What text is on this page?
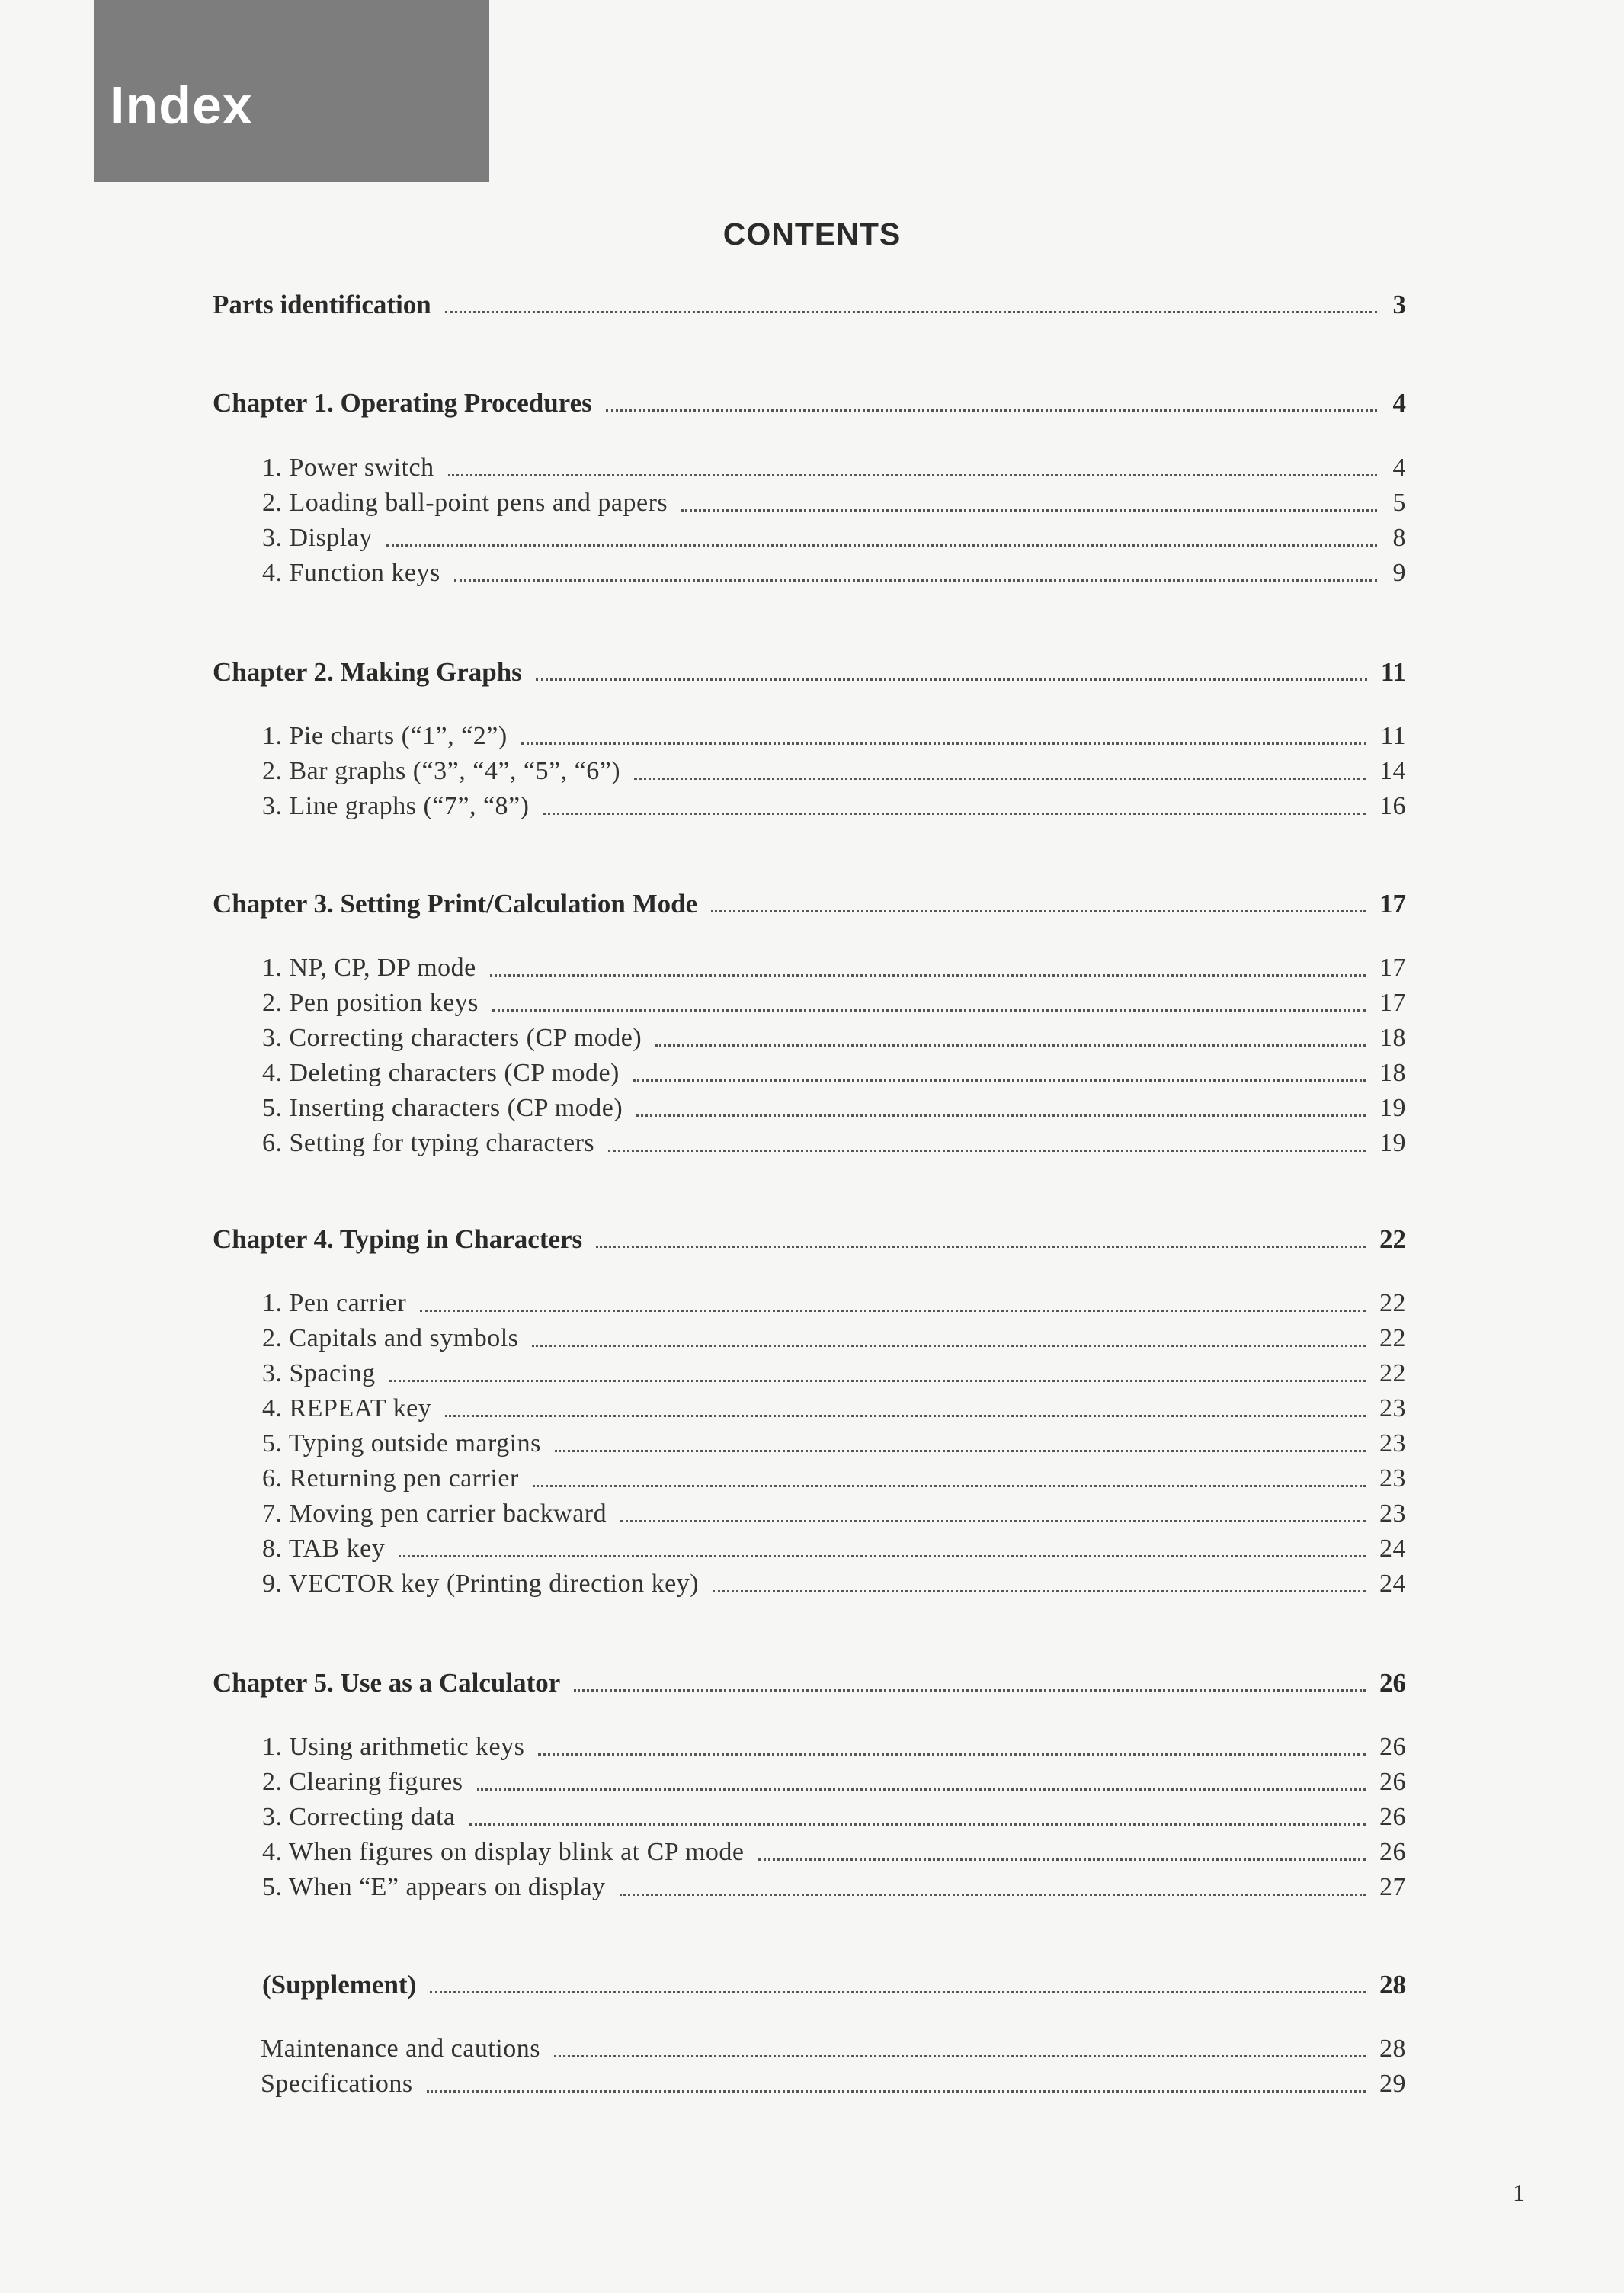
Index
CONTENTS
Parts identification	3
Chapter 1. Operating Procedures	4
1. Power switch	4
2. Loading ball-point pens and papers	5
3. Display	8
4. Function keys	9
Chapter 2. Making Graphs	11
1. Pie charts (“1”, “2”)	11
2. Bar graphs (“3”, “4”, “5”, “6”)	14
3. Line graphs (“7”, “8”)	16
Chapter 3. Setting Print/Calculation Mode	17
1. NP, CP, DP mode	17
2. Pen position keys	17
3. Correcting characters (CP mode)	18
4. Deleting characters (CP mode)	18
5. Inserting characters (CP mode)	19
6. Setting for typing characters	19
Chapter 4. Typing in Characters	22
1. Pen carrier	22
2. Capitals and symbols	22
3. Spacing	22
4. REPEAT key	23
5. Typing outside margins	23
6. Returning pen carrier	23
7. Moving pen carrier backward	23
8. TAB key	24
9. VECTOR key (Printing direction key)	24
Chapter 5. Use as a Calculator	26
1. Using arithmetic keys	26
2. Clearing figures	26
3. Correcting data	26
4. When figures on display blink at CP mode	26
5. When “E” appears on display	27
(Supplement)	28
Maintenance and cautions	28
Specifications	29
1
